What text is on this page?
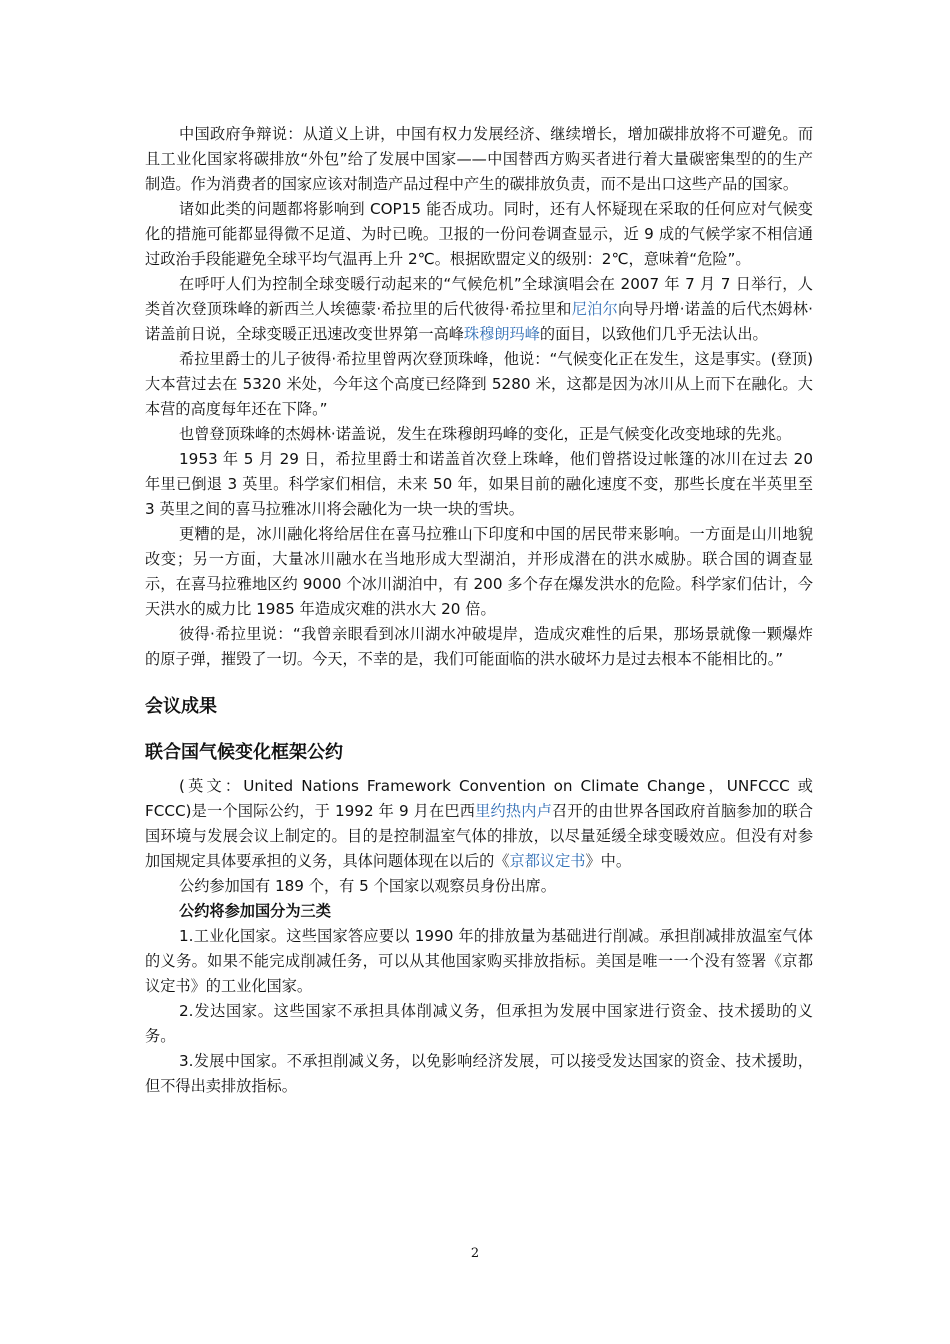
中国政府争辩说：从道义上讲，中国有权力发展经济、继续增长，增加碳排放将不可避免。而且工业化国家将碳排放“外包”给了发展中国家——中国替西方购买者进行着大量碳密集型的的生产制造。作为消费者的国家应该对制造产品过程中产生的碳排放负责，而不是出口这些产品的国家。

诸如此类的问题都将影响到 COP15 能否成功。同时，还有人怀疑现在采取的任何应对气候变化的措施可能都显得微不足道、为时已晚。卫报的一份问卷调查显示，近 9 成的气候学家不相信通过政治手段能避免全球平均气温再上升 2℃。根据欧盟定义的级别：2℃，意味着“危险”。

在呼吁人们为控制全球变暖行动起来的“气候危机”全球演唱会在 2007 年 7 月 7 日举行，人类首次登顶珠峰的新西兰人埃德蒙·希拉里的后代彼得·希拉里和尼泊尔向导丹增·诺盖的后代杰姆林·诺盖前日说，全球变暖正迅速改变世界第一高峰珠穆朗玛峰的面目，以致他们几乎无法认出。

希拉里爵士的儿子彼得·希拉里曾两次登顶珠峰，他说：“气候变化正在发生，这是事实。(登顶)大本营过去在 5320 米处，今年这个高度已经降到 5280 米，这都是因为冰川从上而下在融化。大本营的高度每年还在下降。”

也曾登顶珠峰的杰姆林·诺盖说，发生在珠穆朗玛峰的变化，正是气候变化改变地球的先兆。

1953 年 5 月 29 日，希拉里爵士和诺盖首次登上珠峰，他们曾搭设过帐篷的冰川在过去 20 年里已倒退 3 英里。科学家们相信，未来 50 年，如果目前的融化速度不变，那些长度在半英里至 3 英里之间的喜马拉雅冰川将会融化为一块一块的雪块。

更糟的是，冰川融化将给居住在喜马拉雅山下印度和中国的居民带来影响。一方面是山川地貌改变；另一方面，大量冰川融水在当地形成大型湖泊，并形成潜在的洪水威胁。联合国的调查显示，在喜马拉雅地区约 9000 个冰川湖泊中，有 200 多个存在爆发洪水的危险。科学家们估计，今天洪水的威力比 1985 年造成灾难的洪水大 20 倍。

彼得·希拉里说：“我曾亲眼看到冰川湖水冲破堤岸，造成灾难性的后果，那场景就像一颗爆炸的原子弹，摧毁了一切。今天，不幸的是，我们可能面临的洪水破坏力是过去根本不能相比的。”

会议成果
联合国气候变化框架公约

(英文：United Nations Framework Convention on Climate Change，UNFCCC 或 FCCC)是一个国际公约，于 1992 年 9 月在巴西里约热内卢召开的由世界各国政府首脑参加的联合国环境与发展会议上制定的。目的是控制温室气体的排放，以尽量延缓全球变暖效应。但没有对参加国规定具体要承担的义务，具体问题体现在以后的《京都议定书》中。

公约参加国有 189 个，有 5 个国家以观察员身份出席。

公约将参加国分为三类

1.工业化国家。这些国家答应要以 1990 年的排放量为基础进行削减。承担削减排放温室气体的义务。如果不能完成削减任务，可以从其他国家购买排放指标。美国是唯一一个没有签署《京都议定书》的工业化国家。

2.发达国家。这些国家不承担具体削减义务，但承担为发展中国家进行资金、技术援助的义务。

3.发展中国家。不承担削减义务，以免影响经济发展，可以接受发达国家的资金、技术援助，但不得出卖排放指标。

2
